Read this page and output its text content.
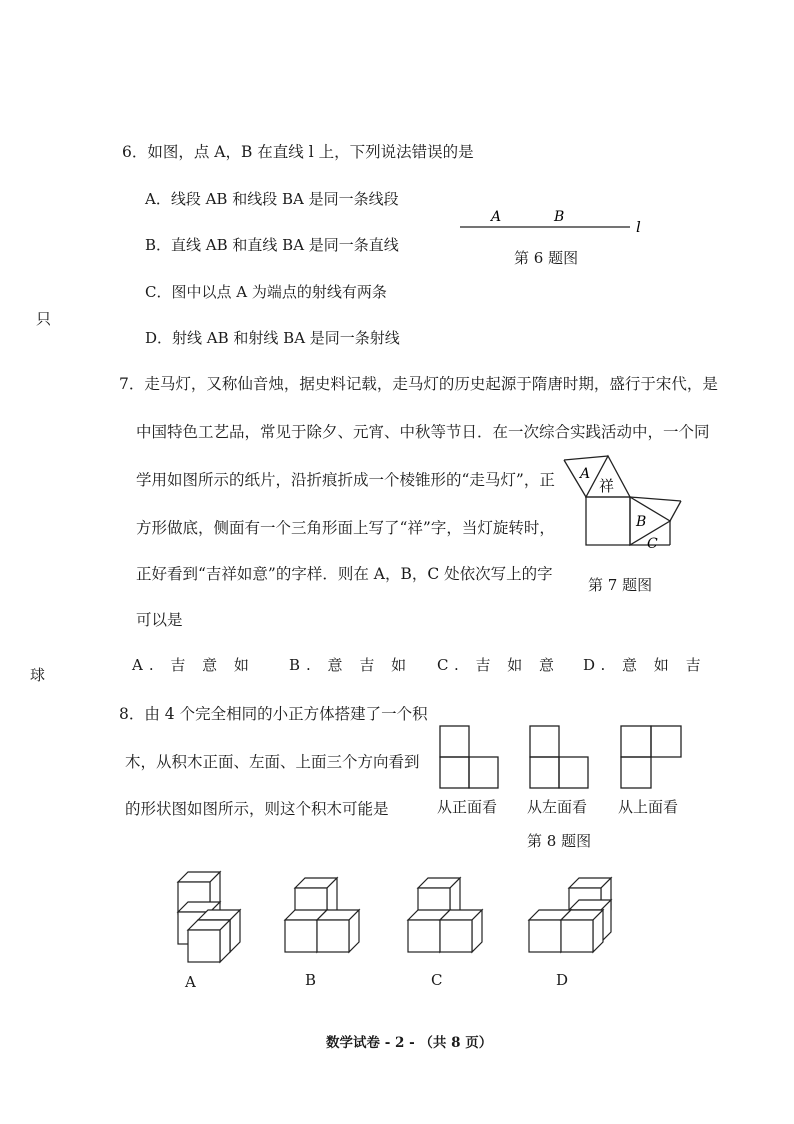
只
球
6．如图，点 A，B 在直线 l 上，下列说法错误的是
A．线段 AB 和线段 BA 是同一条线段
B．直线 AB 和直线 BA 是同一条直线
C．图中以点 A 为端点的射线有两条
D．射线 AB 和射线 BA 是同一条射线
A	B
l
第 6 题图
7．走马灯，又称仙音烛，据史料记载，走马灯的历史起源于隋唐时期，盛行于宋代，是
中国特色工艺品，常见于除夕、元宵、中秋等节日．在一次综合实践活动中，一个同
学用如图所示的纸片，沿折痕折成一个棱锥形的“走马灯”，正
方形做底，侧面有一个三角形面上写了“祥”字，当灯旋转时，
正好看到“吉祥如意”的字样．则在 A，B，C 处依次写上的字
可以是
A
祥
B
C
第 7 题图
A. 吉 意 如 B. 意 吉 如 C. 吉 如 意 D. 意 如 吉
8．由 4 个完全相同的小正方体搭建了一个积
木，从积木正面、左面、上面三个方向看到
的形状图如图所示，则这个积木可能是	从正面看 从左面看 从上面看
第 8 题图
A	B	C	D
数学试卷 - 2 - （共 8 页）
